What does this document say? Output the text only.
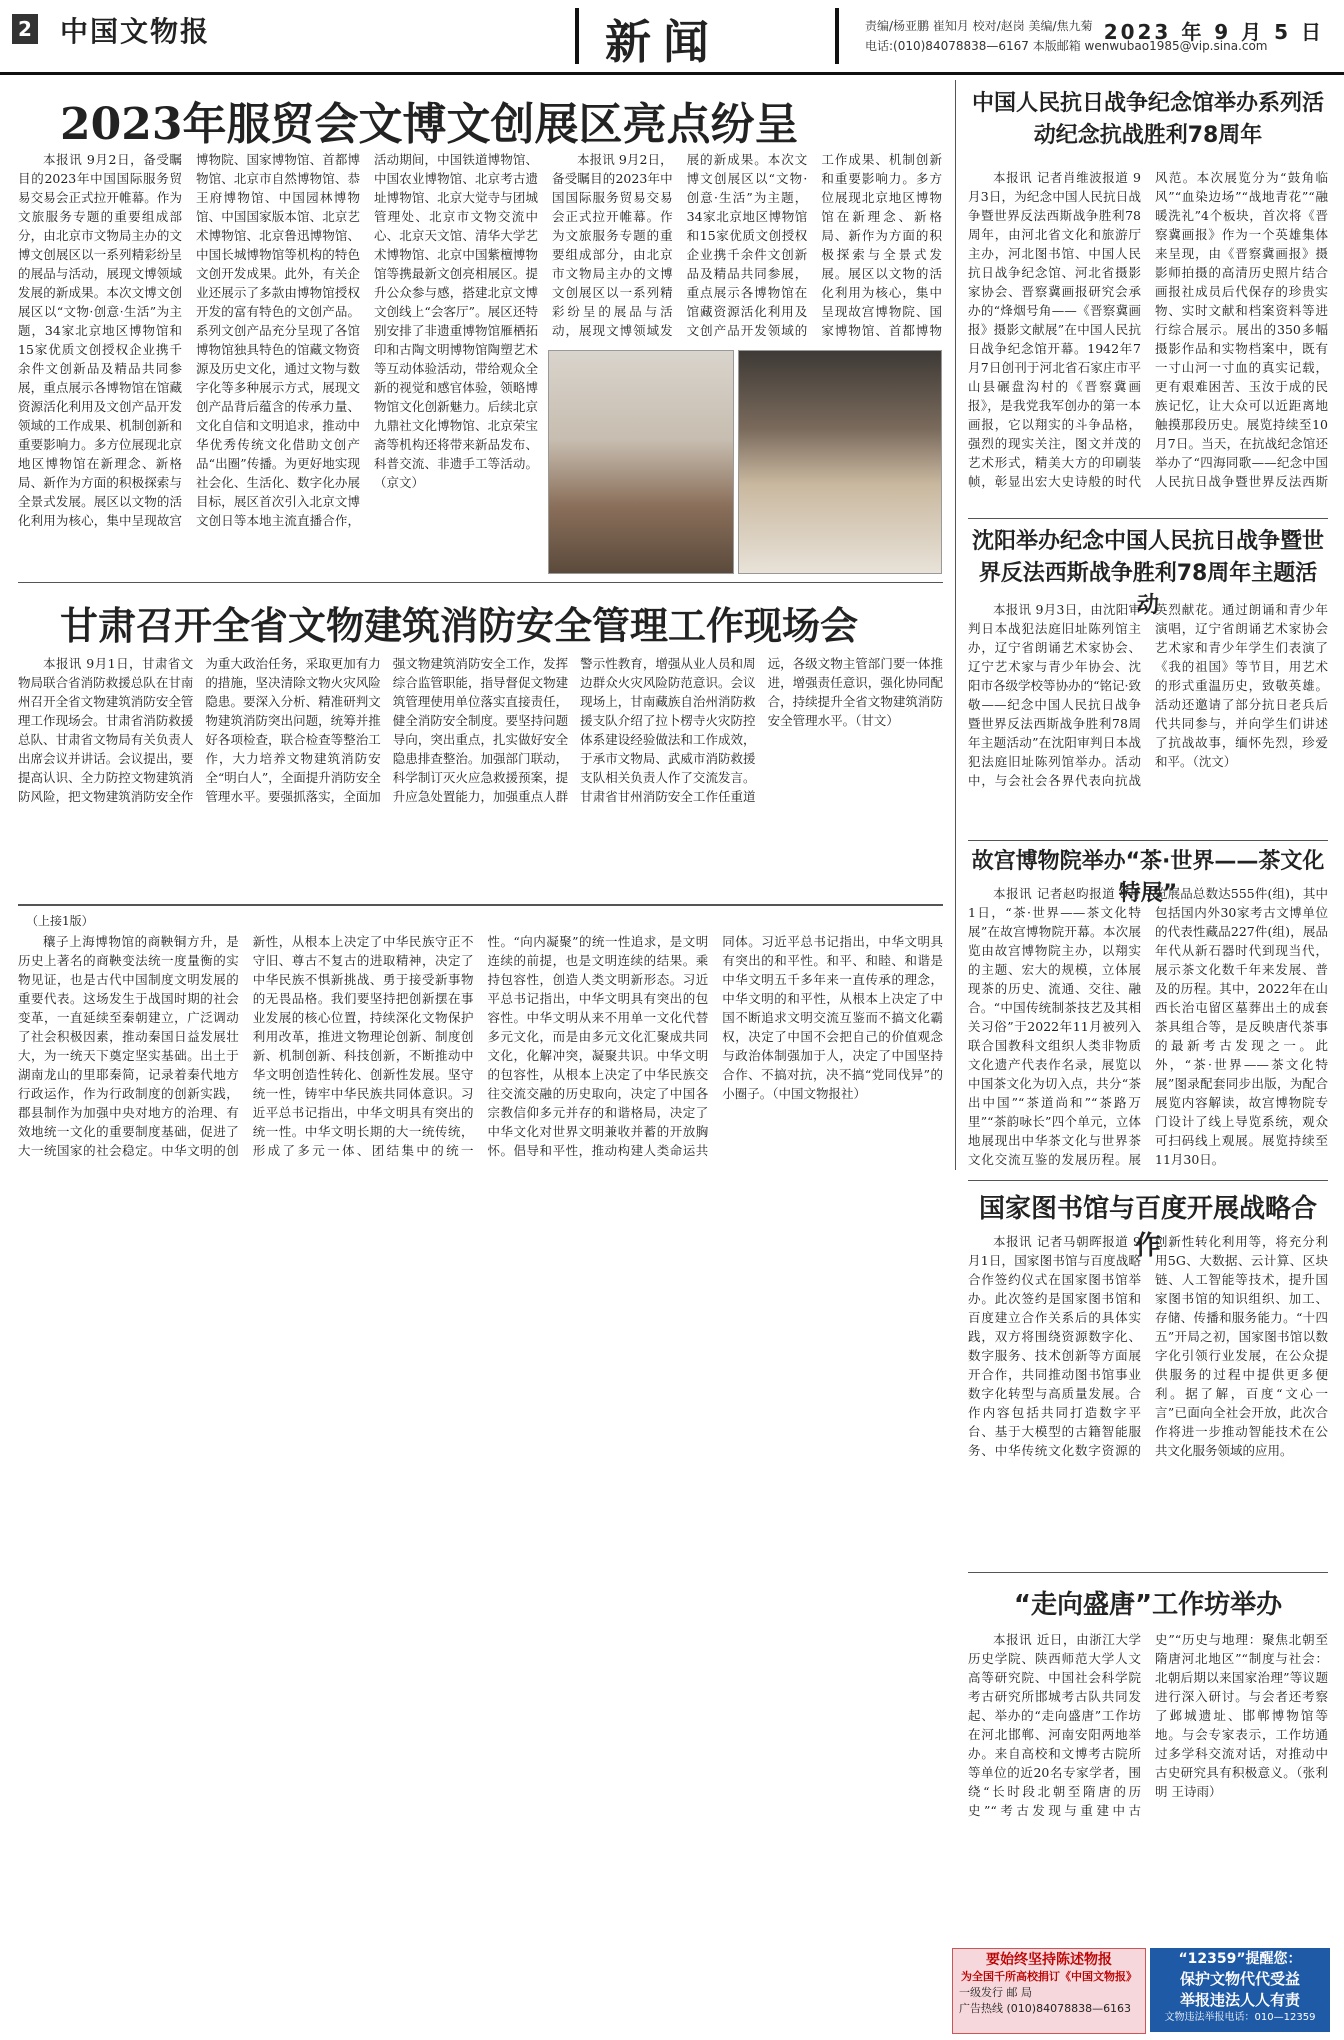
2 中国文物报	新闻	责编/杨亚鹏 崔知月 校对/赵岗 美编/焦九菊
电话:(010)84078838—6167 本版邮箱 wenwubao1985@vip.sina.com
2023 年 9 月 5 日
2023年服贸会文博文创展区亮点纷呈

本报讯 9月2日，备受瞩目的2023年中国国际服务贸易交易会正式拉开帷幕。作为文旅服务专题的重要组成部分，由北京市文物局主办的文博文创展区以一系列精彩纷呈的展品与活动，展现文博领域发展的新成果。本次文博文创展区以“文物·创意·生活”为主题，34家北京地区博物馆和15家优质文创授权企业携千余件文创新品及精品共同参展，重点展示各博物馆在馆藏资源活化利用及文创产品开发领域的工作成果、机制创新和重要影响力。多方位展现北京地区博物馆在新理念、新格局、新作为方面的积极探索与全景式发展。展区以文物的活化利用为核心，集中呈现故宫博物院、国家博物馆、首都博物馆、北京市自然博物馆、恭王府博物馆、中国园林博物馆、中国国家版本馆、北京艺术博物馆、北京鲁迅博物馆、中国长城博物馆等机构的特色文创开发成果。此外，有关企业还展示了多款由博物馆授权开发的富有特色的文创产品。系列文创产品充分呈现了各馆博物馆独具特色的馆藏文物资源及历史文化，通过文物与数字化等多种展示方式，展现文创产品背后蕴含的传承力量、文化自信和文明追求，推动中华优秀传统文化借助文创产品“出圈”传播。为更好地实现社会化、生活化、数字化办展目标，展区首次引入北京文博文创日等本地主流直播合作，活动期间，中国铁道博物馆、中国农业博物馆、北京考古遗址博物馆、北京大觉寺与团城管理处、北京市文物交流中心、北京天文馆、清华大学艺术博物馆、北京中国紫檀博物馆等携最新文创亮相展区。提升公众参与感，搭建北京文博文创线上“会客厅”。展区还特别安排了非遗重博物馆雁栖拓印和古陶文明博物馆陶塑艺术等互动体验活动，带给观众全新的视觉和感官体验，领略博物馆文化创新魅力。后续北京九鼎社文化博物馆、北京荣宝斋等机构还将带来新品发布、科普交流、非遗手工等活动。（京文）

本报讯 9月2日，备受瞩目的2023年中国国际服务贸易交易会正式拉开帷幕。作为文旅服务专题的重要组成部分，由北京市文物局主办的文博文创展区以一系列精彩纷呈的展品与活动，展现文博领域发展的新成果。本次文博文创展区以“文物·创意·生活”为主题，34家北京地区博物馆和15家优质文创授权企业携千余件文创新品及精品共同参展，重点展示各博物馆在馆藏资源活化利用及文创产品开发领域的工作成果、机制创新和重要影响力。多方位展现北京地区博物馆在新理念、新格局、新作为方面的积极探索与全景式发展。展区以文物的活化利用为核心，集中呈现故宫博物院、国家博物馆、首都博物

中国人民抗日战争纪念馆举办系列活动纪念抗战胜利78周年

本报讯 记者肖维波报道 9月3日，为纪念中国人民抗日战争暨世界反法西斯战争胜利78周年，由河北省文化和旅游厅主办，河北图书馆、中国人民抗日战争纪念馆、河北省摄影家协会、晋察冀画报研究会承办的“烽烟号角——《晋察冀画报》摄影文献展”在中国人民抗日战争纪念馆开幕。1942年7月7日创刊于河北省石家庄市平山县碾盘沟村的《晋察冀画报》，是我党我军创办的第一本画报，它以翔实的斗争品格，强烈的现实关注，图文并茂的艺术形式，精美大方的印刷装帧，彰显出宏大史诗般的时代风范。本次展览分为“鼓角临风”“血染边场”“战地青花”“融暖洗礼”4个板块，首次将《晋察冀画报》作为一个英雄集体来呈现，由《晋察冀画报》摄影师拍摄的高清历史照片结合画报社成员后代保存的珍贵实物、实时文献和档案资料等进行综合展示。展出的350多幅摄影作品和实物档案中，既有一寸山河一寸血的真实记载，更有艰难困苦、玉汝于成的民族记忆，让大众可以近距离地触摸那段历史。展览持续至10月7日。当天，在抗战纪念馆还举办了“四海同歌——纪念中国人民抗日战争暨世界反法西斯

甘肃召开全省文物建筑消防安全管理工作现场会

本报讯 9月1日，甘肃省文物局联合省消防救援总队在甘南州召开全省文物建筑消防安全管理工作现场会。甘肃省消防救援总队、甘肃省文物局有关负责人出席会议并讲话。会议提出，要提高认识、全力防控文物建筑消防风险，把文物建筑消防安全作为重大政治任务，采取更加有力的措施，坚决清除文物火灾风险隐患。要深入分析、精准研判文物建筑消防突出问题，统筹并推好各项检查，联合检查等整治工作，大力培养文物建筑消防安全“明白人”，全面提升消防安全管理水平。要强抓落实，全面加强文物建筑消防安全工作，发挥综合监管职能，指导督促文物建筑管理使用单位落实直接责任，健全消防安全制度。要坚持问题导向，突出重点，扎实做好安全隐患排查整治。加强部门联动，科学制订灭火应急救援预案，提升应急处置能力，加强重点人群警示性教育，增强从业人员和周边群众火灾风险防范意识。会议现场上，甘南藏族自治州消防救援支队介绍了拉卜楞寺火灾防控体系建设经验做法和工作成效，于承市文物局、武威市消防救援支队相关负责人作了交流发言。甘肃省甘州消防安全工作任重道远，各级文物主管部门要一体推进，增强责任意识，强化协同配合，持续提升全省文物建筑消防安全管理水平。（甘文）

沈阳举办纪念中国人民抗日战争暨世界反法西斯战争胜利78周年主题活动

本报讯 9月3日，由沈阳审判日本战犯法庭旧址陈列馆主办，辽宁省朗诵艺术家协会、辽宁艺术家与青少年协会、沈阳市各级学校等协办的“铭记·致敬——纪念中国人民抗日战争暨世界反法西斯战争胜利78周年主题活动”在沈阳审判日本战犯法庭旧址陈列馆举办。活动中，与会社会各界代表向抗战英烈献花。通过朗诵和青少年演唱，辽宁省朗诵艺术家协会艺术家和青少年学生们表演了《我的祖国》等节目，用艺术的形式重温历史，致敬英雄。活动还邀请了部分抗日老兵后代共同参与，并向学生们讲述了抗战故事，缅怀先烈，珍爱和平。（沈文）

（上接1版）

穰子上海博物馆的商鞅铜方升，是历史上著名的商鞅变法统一度量衡的实物见证，也是古代中国制度文明发展的重要代表。这场发生于战国时期的社会变革，一直延续至秦朝建立，广泛调动了社会积极因素，推动秦国日益发展壮大，为一统天下奠定坚实基础。出土于湖南龙山的里耶秦简，记录着秦代地方行政运作，作为行政制度的创新实践，郡县制作为加强中央对地方的治理、有效地统一文化的重要制度基础，促进了大一统国家的社会稳定。中华文明的创新性，从根本上决定了中华民族守正不守旧、尊古不复古的进取精神，决定了中华民族不惧新挑战、勇于接受新事物的无畏品格。我们要坚持把创新摆在事业发展的核心位置，持续深化文物保护利用改革，推进文物理论创新、制度创新、机制创新、科技创新，不断推动中华文明创造性转化、创新性发展。坚守统一性，铸牢中华民族共同体意识。习近平总书记指出，中华文明具有突出的统一性。中华文明长期的大一统传统，形成了多元一体、团结集中的统一性。“向内凝聚”的统一性追求，是文明连续的前提，也是文明连续的结果。乘持包容性，创造人类文明新形态。习近平总书记指出，中华文明具有突出的包容性。中华文明从来不用单一文化代替多元文化，而是由多元文化汇聚成共同文化，化解冲突，凝聚共识。中华文明的包容性，从根本上决定了中华民族交往交流交融的历史取向，决定了中国各宗教信仰多元并存的和谐格局，决定了中华文化对世界文明兼收并蓄的开放胸怀。倡导和平性，推动构建人类命运共同体。习近平总书记指出，中华文明具有突出的和平性。和平、和睦、和谐是中华文明五千多年来一直传承的理念，中华文明的和平性，从根本上决定了中国不断追求文明交流互鉴而不搞文化霸权，决定了中国不会把自己的价值观念与政治体制强加于人，决定了中国坚持合作、不搞对抗，决不搞“党同伐异”的小圈子。（中国文物报社）

故宫博物院举办“茶·世界——茶文化特展”

本报讯 记者赵昀报道 9月1日，“茶·世界——茶文化特展”在故宫博物院开幕。本次展览由故宫博物院主办，以翔实的主题、宏大的规模，立体展现茶的历史、流通、交往、融合。“中国传统制茶技艺及其相关习俗”于2022年11月被列入联合国教科文组织人类非物质文化遗产代表作名录，展览以中国茶文化为切入点，共分“茶出中国”“茶道尚和”“茶路万里”“茶韵咏长”四个单元，立体地展现出中华茶文化与世界茶文化交流互鉴的发展历程。展览展品总数达555件(组)，其中包括国内外30家考古文博单位的代表性藏品227件(组)，展品年代从新石器时代到现当代，展示茶文化数千年来发展、普及的历程。其中，2022年在山西长治屯留区墓葬出土的成套茶具组合等，是反映唐代茶事的最新考古发现之一。此外，“茶·世界——茶文化特展”图录配套同步出版，为配合展览内容解读，故宫博物院专门设计了线上导览系统，观众可扫码线上观展。展览持续至11月30日。

国家图书馆与百度开展战略合作

本报讯 记者马朝晖报道 9月1日，国家图书馆与百度战略合作签约仪式在国家图书馆举办。此次签约是国家图书馆和百度建立合作关系后的具体实践，双方将围绕资源数字化、数字服务、技术创新等方面展开合作，共同推动图书馆事业数字化转型与高质量发展。合作内容包括共同打造数字平台、基于大模型的古籍智能服务、中华传统文化数字资源的创新性转化利用等，将充分利用5G、大数据、云计算、区块链、人工智能等技术，提升国家图书馆的知识组织、加工、存储、传播和服务能力。“十四五”开局之初，国家图书馆以数字化引领行业发展，在公众提供服务的过程中提供更多便利。据了解，百度“文心一言”已面向全社会开放，此次合作将进一步推动智能技术在公共文化服务领域的应用。

“走向盛唐”工作坊举办

本报讯 近日，由浙江大学历史学院、陕西师范大学人文高等研究院、中国社会科学院考古研究所邯城考古队共同发起、举办的“走向盛唐”工作坊在河北邯郸、河南安阳两地举办。来自高校和文博考古院所等单位的近20名专家学者，围绕“长时段北朝至隋唐的历史”“考古发现与重建中古史”“历史与地理：聚焦北朝至隋唐河北地区”“制度与社会：北朝后期以来国家治理”等议题进行深入研讨。与会者还考察了邺城遗址、邯郸博物馆等地。与会专家表示，工作坊通过多学科交流对话，对推动中古史研究具有积极意义。（张利明 王诗雨）

要始终坚持陈述物报
为全国千所高校捐订《中国文物报》
一级发行 邮 局
广告热线 (010)84078838—6163
“12359”提醒您：
保护文物代代受益
举报违法人人有责
文物违法举报电话：010—12359
